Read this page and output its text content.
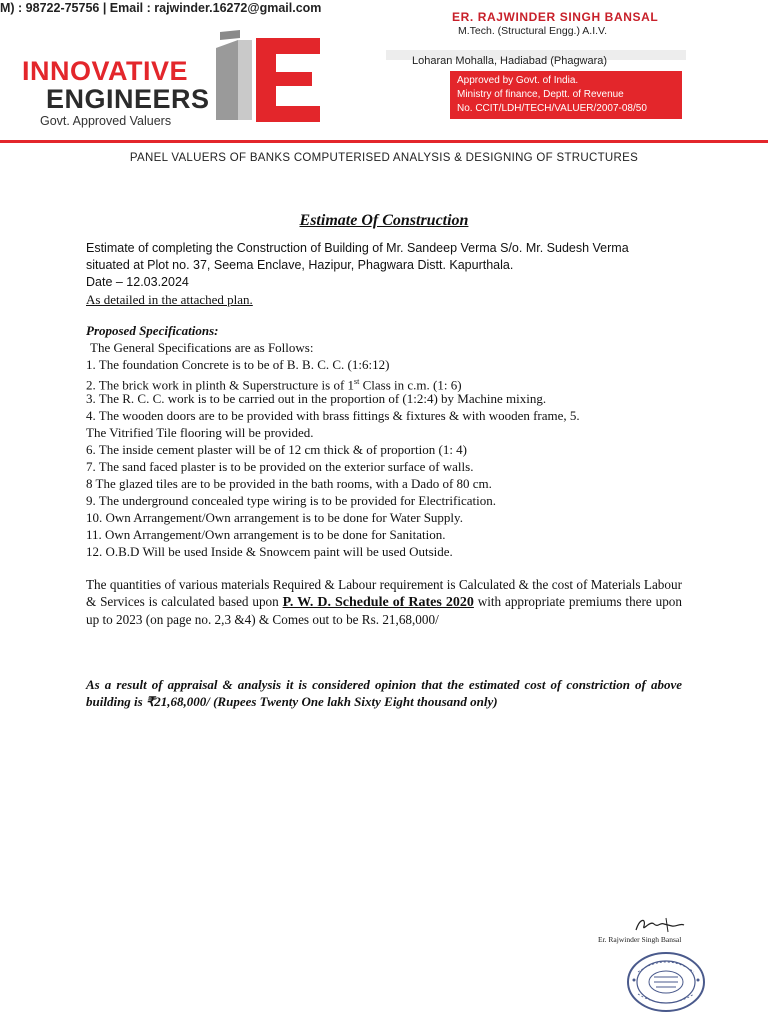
M) : 98722-75756 | Email : rajwinder.16272@gmail.com
INNOVATIVE
ENGINEERS
Govt. Approved Valuers
ER. RAJWINDER SINGH BANSAL
M.Tech. (Structural Engg.) A.I.V.
Loharan Mohalla, Hadiabad (Phagwara)
Approved by Govt. of India.
Ministry of finance, Deptt. of Revenue
No. CCIT/LDH/TECH/VALUER/2007-08/50
PANEL VALUERS OF BANKS COMPUTERISED ANALYSIS & DESIGNING OF STRUCTURES
Estimate Of Construction
Estimate of completing the Construction of Building of Mr. Sandeep Verma S/o. Mr. Sudesh Verma
situated at Plot no. 37, Seema Enclave, Hazipur, Phagwara Distt. Kapurthala.
Date – 12.03.2024
As detailed in the attached plan.
Proposed Specifications:
The General Specifications are as Follows:
1. The foundation Concrete is to be of B. B. C. C. (1:6:12)
2. The brick work in plinth & Superstructure is of 1st Class in c.m. (1: 6)
3. The R. C. C. work is to be carried out in the proportion of (1:2:4) by Machine mixing.
4. The wooden doors are to be provided with brass fittings & fixtures & with wooden frame, 5.
The Vitrified Tile flooring will be provided.
6. The inside cement plaster will be of 12 cm thick & of proportion (1: 4)
7. The sand faced plaster is to be provided on the exterior surface of walls.
8 The glazed tiles are to be provided in the bath rooms, with a Dado of 80 cm.
9. The underground concealed type wiring is to be provided for Electrification.
10. Own Arrangement/Own arrangement is to be done for Water Supply.
11. Own Arrangement/Own arrangement is to be done for Sanitation.
12. O.B.D Will be used Inside & Snowcem paint will be used Outside.
The quantities of various materials Required & Labour requirement is Calculated & the cost of Materials Labour & Services is calculated based upon P. W. D. Schedule of Rates 2020 with appropriate premiums there upon up to 2023 (on page no. 2,3 &4) & Comes out to be Rs. 21,68,000/
As a result of appraisal & analysis it is considered opinion that the estimated cost of constriction of above building is ₹21,68,000/ (Rupees Twenty One lakh Sixty Eight thousand only)
Er. Rajwinder Singh Bansal
